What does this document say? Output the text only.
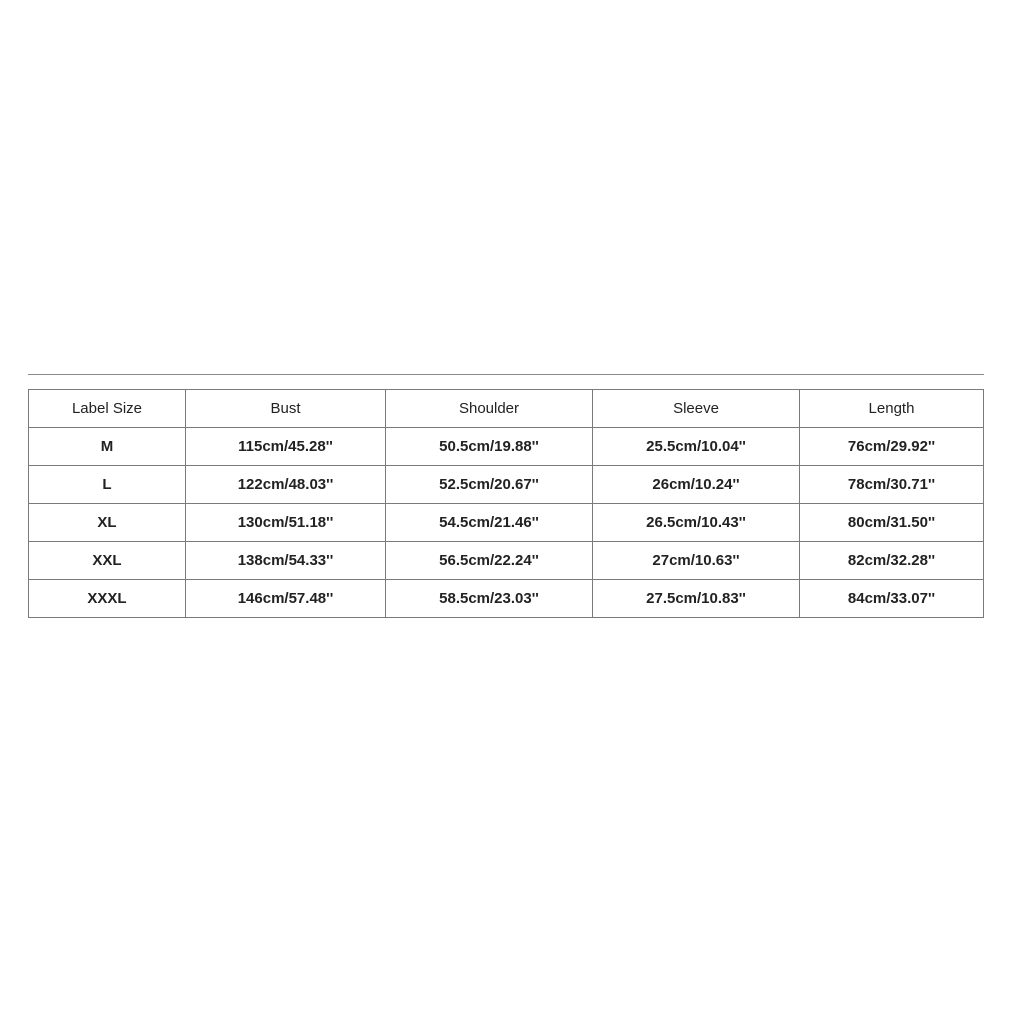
Label Size	Bust	Shoulder	Sleeve	Length
M	115cm/45.28''	50.5cm/19.88''	25.5cm/10.04''	76cm/29.92''
L	122cm/48.03''	52.5cm/20.67''	26cm/10.24''	78cm/30.71''
XL	130cm/51.18''	54.5cm/21.46''	26.5cm/10.43''	80cm/31.50''
XXL	138cm/54.33''	56.5cm/22.24''	27cm/10.63''	82cm/32.28''
XXXL	146cm/57.48''	58.5cm/23.03''	27.5cm/10.83''	84cm/33.07''
